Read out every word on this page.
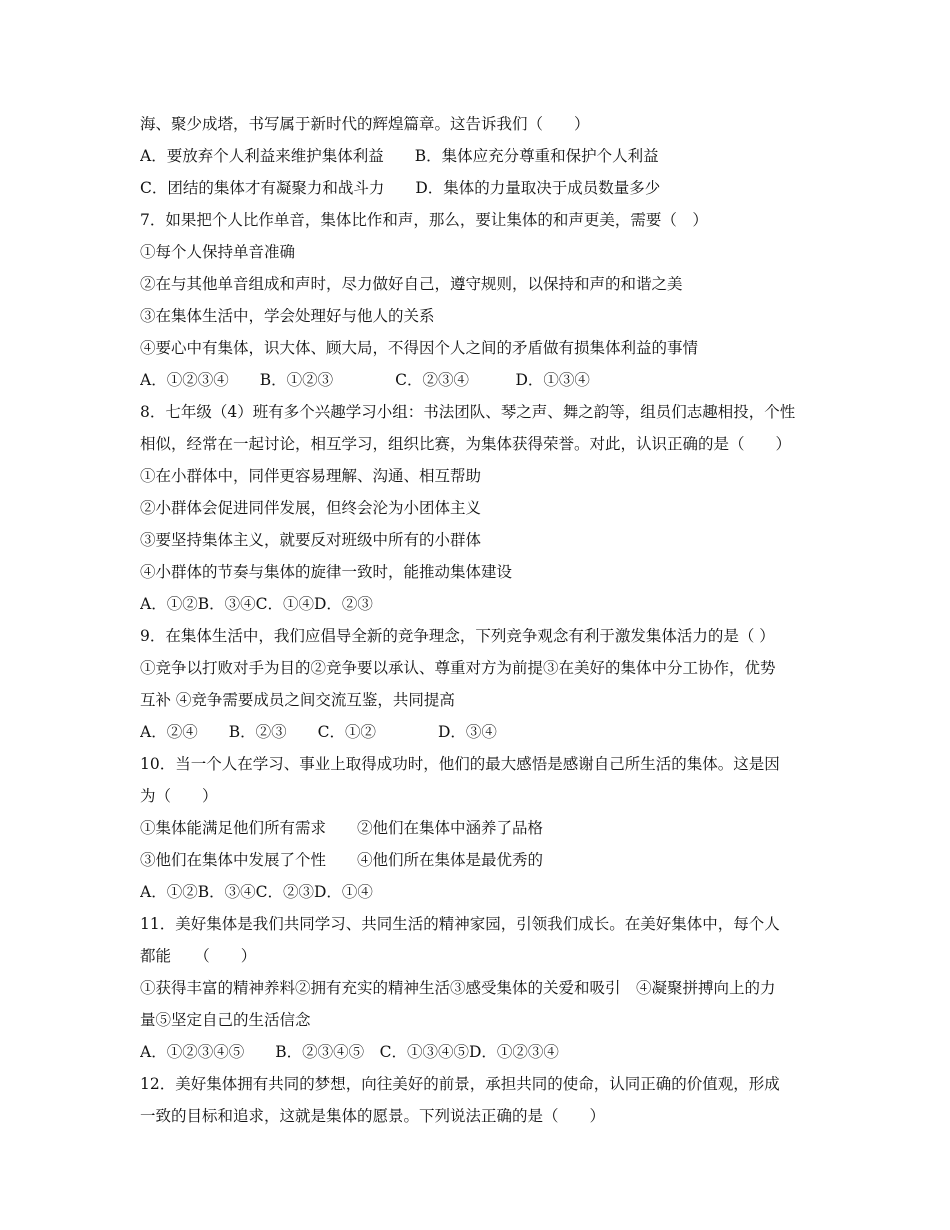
海、聚少成塔，书写属于新时代的辉煌篇章。这告诉我们（　　）
A．要放弃个人利益来维护集体利益　　B．集体应充分尊重和保护个人利益
C．团结的集体才有凝聚力和战斗力　　D．集体的力量取决于成员数量多少
7．如果把个人比作单音，集体比作和声，那么，要让集体的和声更美，需要（　）
①每个人保持单音准确
②在与其他单音组成和声时，尽力做好自己，遵守规则，以保持和声的和谐之美
③在集体生活中，学会处理好与他人的关系
④要心中有集体，识大体、顾大局，不得因个人之间的矛盾做有损集体利益的事情
A．①②③④　　B．①②③　　　　C．②③④　　　D．①③④
8．七年级（4）班有多个兴趣学习小组：书法团队、琴之声、舞之韵等，组员们志趣相投，个性
相似，经常在一起讨论，相互学习，组织比赛，为集体获得荣誉。对此，认识正确的是（　　）
①在小群体中，同伴更容易理解、沟通、相互帮助
②小群体会促进同伴发展，但终会沦为小团体主义
③要坚持集体主义，就要反对班级中所有的小群体
④小群体的节奏与集体的旋律一致时，能推动集体建设
A．①②B．③④C．①④D．②③
9．在集体生活中，我们应倡导全新的竞争理念，下列竞争观念有利于激发集体活力的是（ ）
①竞争以打败对手为目的②竞争要以承认、尊重对方为前提③在美好的集体中分工协作，优势
互补 ④竞争需要成员之间交流互鉴，共同提高
A．②④　　B．②③　　C．①②　　　　D．③④
10．当一个人在学习、事业上取得成功时，他们的最大感悟是感谢自己所生活的集体。这是因
为（　　）
①集体能满足他们所有需求　　②他们在集体中涵养了品格
③他们在集体中发展了个性　　④他们所在集体是最优秀的
A．①②B．③④C．②③D．①④
11．美好集体是我们共同学习、共同生活的精神家园，引领我们成长。在美好集体中，每个人
都能　　（　　）
①获得丰富的精神养料②拥有充实的精神生活③感受集体的关爱和吸引　④凝聚拼搏向上的力
量⑤坚定自己的生活信念
A．①②③④⑤　　B．②③④⑤　C．①③④⑤D．①②③④
12．美好集体拥有共同的梦想，向往美好的前景，承担共同的使命，认同正确的价值观，形成
一致的目标和追求，这就是集体的愿景。下列说法正确的是（　　）
